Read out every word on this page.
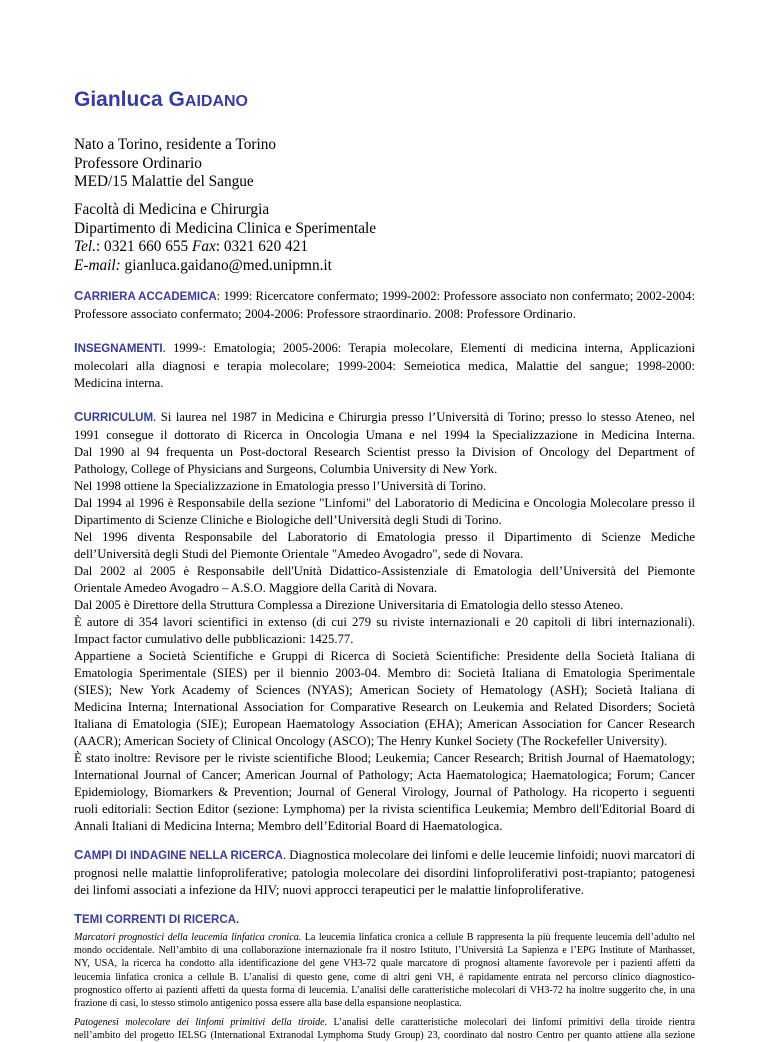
Gianluca GAIDANO
Nato a Torino, residente a Torino
Professore Ordinario
MED/15 Malattie del Sangue
Facoltà di Medicina e Chirurgia
Dipartimento di Medicina Clinica e Sperimentale
Tel.: 0321 660 655 Fax: 0321 620 421
E-mail: gianluca.gaidano@med.unipmn.it
CARRIERA ACCADEMICA: 1999: Ricercatore confermato; 1999-2002: Professore associato non confermato; 2002-2004:
Professore associato confermato; 2004-2006: Professore straordinario. 2008: Professore Ordinario.
INSEGNAMENTI. 1999-: Ematologia; 2005-2006: Terapia molecolare, Elementi di medicina interna, Applicazioni
molecolari alla diagnosi e terapia molecolare; 1999-2004: Semeiotica medica, Malattie del sangue; 1998-2000:
Medicina interna.
CURRICULUM. Si laurea nel 1987 in Medicina e Chirurgia presso l’Università di Torino; presso lo stesso Ateneo, nel
1991 consegue il dottorato di Ricerca in Oncologia Umana e nel 1994 la Specializzazione in Medicina Interna.
Dal 1990 al 94 frequenta un Post-doctoral Research Scientist presso la Division of Oncology del Department of
Pathology, College of Physicians and Surgeons, Columbia University di New York.
Nel 1998 ottiene la Specializzazione in Ematologia presso l’Università di Torino.
Dal 1994 al 1996 è Responsabile della sezione "Linfomi" del Laboratorio di Medicina e Oncologia Molecolare presso il
Dipartimento di Scienze Cliniche e Biologiche dell’Università degli Studi di Torino.
Nel 1996 diventa Responsabile del Laboratorio di Ematologia presso il Dipartimento di Scienze Mediche
dell’Università degli Studi del Piemonte Orientale "Amedeo Avogadro", sede di Novara.
Dal 2002 al 2005 è Responsabile dell'Unità Didattico-Assistenziale di Ematologia dell’Università del Piemonte
Orientale Amedeo Avogadro – A.S.O. Maggiore della Carità di Novara.
Dal 2005 è Direttore della Struttura Complessa a Direzione Universitaria di Ematologia dello stesso Ateneo.
È autore di 354 lavori scientifici in extenso (di cui 279 su riviste internazionali e 20 capitoli di libri internazionali).
Impact factor cumulativo delle pubblicazioni: 1425.77.
Appartiene a Società Scientifiche e Gruppi di Ricerca di Società Scientifiche: Presidente della Società Italiana di
Ematologia Sperimentale (SIES) per il biennio 2003-04. Membro di: Società Italiana di Ematologia Sperimentale
(SIES); New York Academy of Sciences (NYAS); American Society of Hematology (ASH); Società Italiana di
Medicina Interna; International Association for Comparative Research on Leukemia and Related Disorders; Società
Italiana di Ematologia (SIE); European Haematology Association (EHA); American Association for Cancer Research
(AACR); American Society of Clinical Oncology (ASCO); The Henry Kunkel Society (The Rockefeller University).
È stato inoltre: Revisore per le riviste scientifiche Blood; Leukemia; Cancer Research; British Journal of Haematology;
International Journal of Cancer; American Journal of Pathology; Acta Haematologica; Haematologica; Forum; Cancer
Epidemiology, Biomarkers & Prevention; Journal of General Virology, Journal of Pathology. Ha ricoperto i seguenti
ruoli editoriali: Section Editor (sezione: Lymphoma) per la rivista scientifica Leukemia; Membro dell'Editorial Board di
Annali Italiani di Medicina Interna; Membro dell’Editorial Board di Haematologica.
CAMPI DI INDAGINE NELLA RICERCA. Diagnostica molecolare dei linfomi e delle leucemie linfoidi; nuovi marcatori di
prognosi nelle malattie linfoproliferative; patologia molecolare dei disordini linfoproliferativi post-trapianto; patogenesi
dei linfomi associati a infezione da HIV; nuovi approcci terapeutici per le malattie linfoproliferative.
TEMI CORRENTI DI RICERCA.
Marcatori prognostici della leucemia linfatica cronica. La leucemia linfatica cronica a cellule B rappresenta la più frequente leucemia dell’adulto nel
mondo occidentale. Nell’ambito di una collaborazione internazionale fra il nostro Istituto, l’Università La Sapienza e l’EPG Institute of Manhasset,
NY, USA, la ricerca ha condotto alla identificazione del gene VH3-72 quale marcatore di prognosi altamente favorevole per i pazienti affetti da
leucemia linfatica cronica a cellule B. L’analisi di questo gene, come di altri geni VH, è rapidamente entrata nel percorso clinico diagnostico-
prognostico offerto ai pazienti affetti da questa forma di leucemia. L’analisi delle caratteristiche molecolari di VH3-72 ha inoltre suggerito che, in una
frazione di casi, lo stesso stimolo antigenico possa essere alla base della espansione neoplastica.
Patogenesi molecolare dei linfomi primitivi della tiroide. L’analisi delle caratteristiche molecolari dei linfomi primitivi della tiroide rientra
nell’ambito del progetto IELSG (International Extranodal Lymphoma Study Group) 23, coordinato dal nostro Centro per quanto attiene alla sezione
